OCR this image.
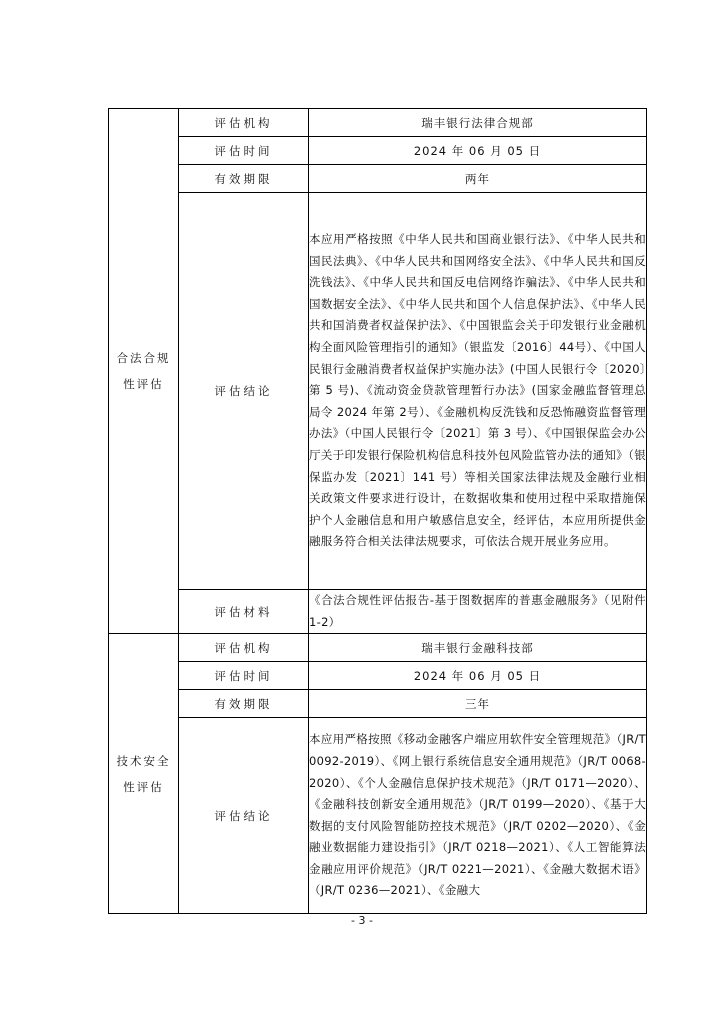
合法合规
性评估	评估机构	瑞丰银行法律合规部
	评估时间	2024 年 06 月 05 日
	有效期限	两年
	评估结论	本应用严格按照《中华人民共和国商业银行法》、《中华人民共和国民法典》、《中华人民共和国网络安全法》、《中华人民共和国反洗钱法》、《中华人民共和国反电信网络诈骗法》、《中华人民共和国数据安全法》、《中华人民共和国个人信息保护法》、《中华人民共和国消费者权益保护法》、《中国银监会关于印发银行业金融机构全面风险管理指引的通知》（银监发〔2016〕44号）、《中国人民银行金融消费者权益保护实施办法》(中国人民银行令〔2020〕第 5 号)、《流动资金贷款管理暂行办法》(国家金融监督管理总局令 2024 年第 2号）、《金融机构反洗钱和反恐怖融资监督管理办法》（中国人民银行令〔2021〕第 3 号）、《中国银保监会办公厅关于印发银行保险机构信息科技外包风险监管办法的通知》（银保监办发〔2021〕141 号）等相关国家法律法规及金融行业相关政策文件要求进行设计，在数据收集和使用过程中采取措施保护个人金融信息和用户敏感信息安全，经评估，本应用所提供金融服务符合相关法律法规要求，可依法合规开展业务应用。
	评估材料	《合法合规性评估报告-基于图数据库的普惠金融服务》（见附件 1-2）

技术安全
性评估	评估机构	瑞丰银行金融科技部
	评估时间	2024 年 06 月 05 日
	有效期限	三年
	评估结论	本应用严格按照《移动金融客户端应用软件安全管理规范》（JR/T 0092-2019）、《网上银行系统信息安全通用规范》（JR/T 0068-2020）、《个人金融信息保护技术规范》（JR/T 0171—2020）、《金融科技创新安全通用规范》（JR/T 0199—2020）、《基于大数据的支付风险智能防控技术规范》（JR/T 0202—2020）、《金融业数据能力建设指引》（JR/T 0218—2021）、《人工智能算法金融应用评价规范》（JR/T 0221—2021）、《金融大数据术语》（JR/T 0236—2021）、《金融大
- 3 -
